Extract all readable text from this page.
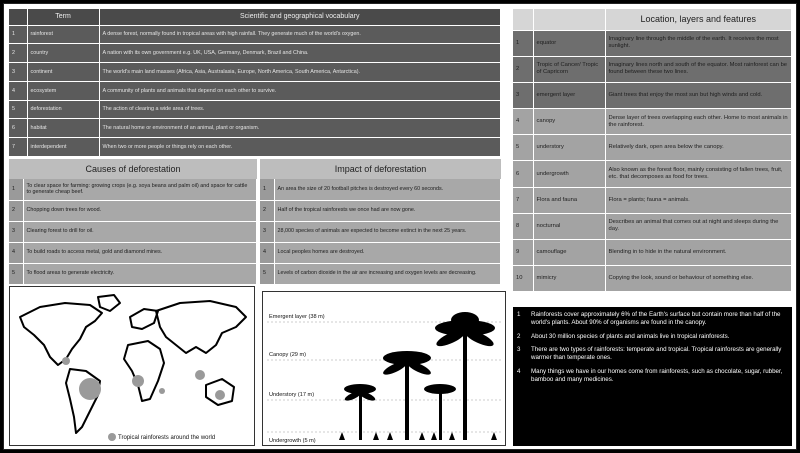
	Term	Scientific and geographical vocabulary
1	rainforest	A dense forest, normally found in tropical areas with high rainfall. They generate much of the world's oxygen.
2	country	A nation with its own government e.g. UK, USA, Germany, Denmark, Brazil and China.
3	continent	The world's main land masses (Africa, Asia, Australasia, Europe, North America, South America, Antarctica).
4	ecosystem	A community of plants and animals that depend on each other to survive.
5	deforestation	The action of clearing a wide area of trees.
6	habitat	The natural home or environment of an animal, plant or organism.
7	interdependent	When two or more people or things rely on each other.
Causes of deforestation
1	To clear space for farming: growing crops (e.g. soya beans and palm oil) and space for cattle to generate cheap beef.
2	Chopping down trees for wood.
3	Clearing forest to drill for oil.
4	To build roads to access metal, gold and diamond mines.
5	To flood areas to generate electricity.
Impact of deforestation
1	An area the size of 20 football pitches is destroyed every 60 seconds.
2	Half of the tropical rainforests we once had are now gone.
3	28,000 species of animals are expected to become extinct in the next 25 years.
4	Local peoples homes are destroyed.
5	Levels of carbon dioxide in the air are increasing and oxygen levels are decreasing.
		Location, layers and features
1	equator	Imaginary line through the middle of the earth. It receives the most sunlight.
2	Tropic of Cancer/ Tropic of Capricorn	Imaginary lines north and south of the equator. Most rainforest can be found between these two lines.
3	emergent layer	Giant trees that enjoy the most sun but high winds and cold.
4	canopy	Dense layer of trees overlapping each other. Home to most animals in the rainforest.
5	understory	Relatively dark, open area below the canopy.
6	undergrowth	Also known as the forest floor, mainly consisting of fallen trees, fruit, etc. that decomposes as food for trees.
7	Flora and fauna	Flora = plants; fauna = animals.
8	nocturnal	Describes an animal that comes out at night and sleeps during the day.
9	camouflage	Blending in to hide in the natural environment.
10	mimicry	Copying the look, sound or behaviour of something else.
1	Rainforests cover approximately 6% of the Earth's surface but contain more than half of the world's plants. About 90% of organisms are found in the canopy.
2	About 30 million species of plants and animals live in tropical rainforests.
3	There are two types of rainforests: temperate and tropical. Tropical rainforests are generally warmer than temperate ones.
4	Many things we have in our homes come from rainforests, such as chocolate, sugar, rubber, bamboo and many medicines.
Tropical rainforests around the world
Emergent layer (38 m)
Canopy (29 m)
Understory (17 m)
Undergrowth (5 m)
